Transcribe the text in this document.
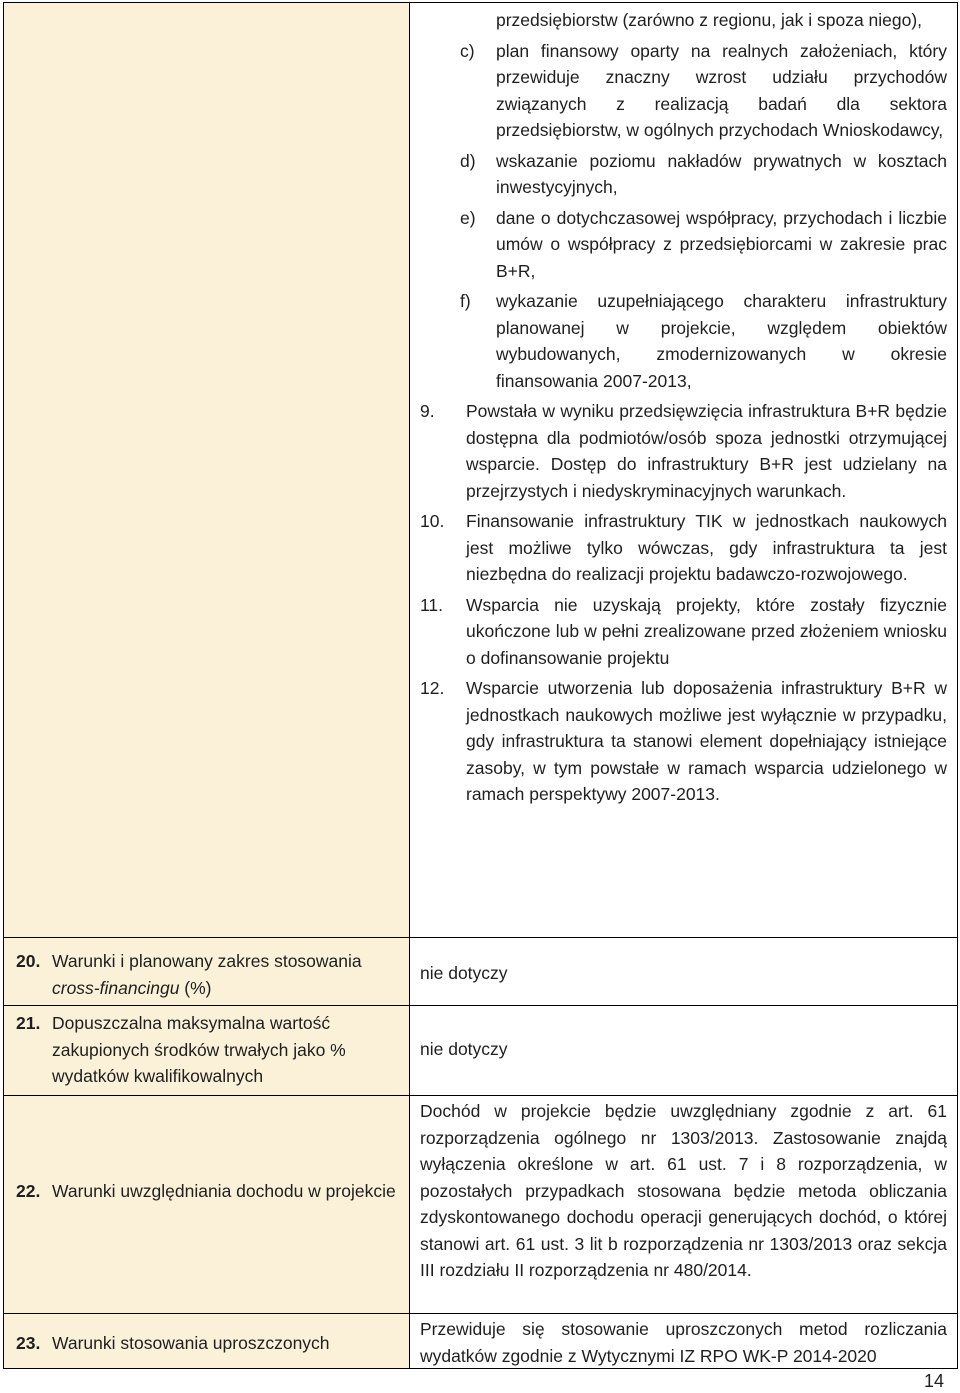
przedsiębiorstw (zarówno z regionu, jak i spoza niego),
c)	plan finansowy oparty na realnych założeniach, który przewiduje znaczny wzrost udziału przychodów związanych z realizacją badań dla sektora przedsiębiorstw, w ogólnych przychodach Wnioskodawcy,
d)	wskazanie poziomu nakładów prywatnych w kosztach inwestycyjnych,
e)	dane o dotychczasowej współpracy, przychodach i liczbie umów o współpracy z przedsiębiorcami w zakresie prac B+R,
f)	wykazanie uzupełniającego charakteru infrastruktury planowanej w projekcie, względem obiektów wybudowanych, zmodernizowanych w okresie finansowania 2007-2013,
9.	Powstała w wyniku przedsięwzięcia infrastruktura B+R będzie dostępna dla podmiotów/osób spoza jednostki otrzymującej wsparcie. Dostęp do infrastruktury B+R jest udzielany na przejrzystych i niedyskryminacyjnych warunkach.
10.	Finansowanie infrastruktury TIK w jednostkach naukowych jest możliwe tylko wówczas, gdy infrastruktura ta jest niezbędna do realizacji projektu badawczo-rozwojowego.
11.	Wsparcia nie uzyskają projekty, które zostały fizycznie ukończone lub w pełni zrealizowane przed złożeniem wniosku o dofinansowanie projektu
12.	Wsparcie utworzenia lub doposażenia infrastruktury B+R w jednostkach naukowych możliwe jest wyłącznie w przypadku, gdy infrastruktura ta stanowi element dopełniający istniejące zasoby, w tym powstałe w ramach wsparcia udzielonego w ramach perspektywy 2007-2013.
20. Warunki i planowany zakres stosowania cross-financingu (%)
nie dotyczy
21. Dopuszczalna maksymalna wartość zakupionych środków trwałych jako % wydatków kwalifikowalnych
nie dotyczy
22. Warunki uwzględniania dochodu w projekcie
Dochód w projekcie będzie uwzględniany zgodnie z art. 61 rozporządzenia ogólnego nr 1303/2013. Zastosowanie znajdą wyłączenia określone w art. 61 ust. 7 i 8 rozporządzenia, w pozostałych przypadkach stosowana będzie metoda obliczania zdyskontowanego dochodu operacji generujących dochód, o której stanowi art. 61 ust. 3 lit b rozporządzenia nr 1303/2013 oraz sekcja III rozdziału II rozporządzenia nr 480/2014.
23. Warunki stosowania uproszczonych
Przewiduje się stosowanie uproszczonych metod rozliczania wydatków zgodnie z Wytycznymi IZ RPO WK-P 2014-2020
14
